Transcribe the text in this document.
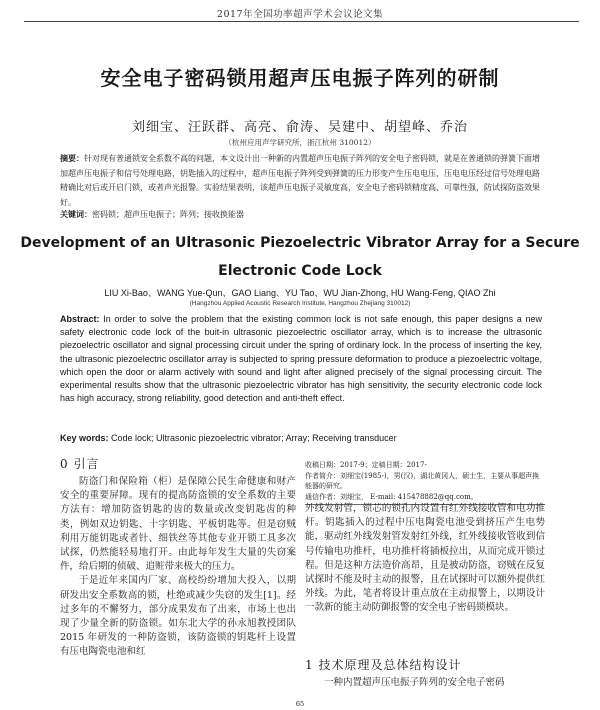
2017年全国功率超声学术会议论文集
安全电子密码锁用超声压电振子阵列的研制
刘细宝、汪跃群、高亮、俞涛、吴建中、胡望峰、乔治
（杭州应用声学研究所，浙江杭州 310012）
摘要：针对现有普通锁安全系数不高的问题，本文设计出一种新的内置超声压电振子阵列的安全电子密码锁，就是在普通锁的弹簧下面增加超声压电振子和信号处理电路，钥匙插入的过程中，超声压电振子阵列受到弹簧的压力形变产生压电电压，压电电压经过信号处理电路精确比对后或开启门锁，或者声光报警。实验结果表明，该超声压电振子灵敏度高，安全电子密码锁精度高、可靠性强，防试探防盗效果好。
关键词：密码锁；超声压电振子；阵列；接收换能器
Development of an Ultrasonic Piezoelectric Vibrator Array for a Secure
Electronic Code Lock
LIU Xi-Bao、WANG Yue-Qun、GAO Liang、YU Tao、WU Jian-Zhong, HU Wang-Feng, QIAO Zhi
(Hangzhou Applied Acoustic Research Institute, Hangzhou Zhejiang 310012)
Abstract: In order to solve the problem that the existing common lock is not safe enough, this paper designs a new safety electronic code lock of the buit-in ultrasonic piezoelectric oscillator array, which is to increase the ultrasonic piezoelectric oscillator and signal processing circuit under the spring of ordinary lock. In the process of inserting the key, the ultrasonic piezoelectric oscillator array is subjected to spring pressure deformation to produce a piezoelectric voltage, which open the door or alarm actively with sound and light after aligned precisely of the signal processing circuit. The experimental results show that the ultrasonic piezoelectric vibrator has high sensitivity, the security electronic code lock has high accuracy, strong reliability, good detection and anti-theft effect.
Key words: Code lock; Ultrasonic piezoelectric vibrator; Array; Receiving transducer
0 引言

防盗门和保险箱（柜）是保障公民生命健康和财产安全的重要屏障。现有的提高防盗锁的安全系数的主要方法有：增加防盗钥匙的齿的数量或改变钥匙齿的种类，例如双边钥匙、十字钥匙、平板钥匙等。但是窃贼利用万能钥匙或者针、细铁丝等其他专业开锁工具多次试探，仍然能轻易地打开。由此每年发生大量的失窃案件，给后期的侦破、追赃带来极大的压力。

于是近年来国内厂家、高校纷纷增加大投入，以期研发出安全系数高的锁，杜绝或减少失窃的发生[1]。经过多年的不懈努力，部分成果发布了出来，市场上也出现了少量全新的防盗锁。如东北大学的孙永旭教授团队 2015 年研发的一种防盗锁，该防盗锁的钥匙杆上设置有压电陶瓷电池和红

收稿日期：2017-9；定稿日期：2017-
作者简介：刘细宝(1985-)，男(汉)，湖北黄冈人，硕士生，主要从事超声换能器的研究。
通信作者：刘细宝， E-mail: 415478882@qq.com。
外线发射管，锁芯的锁孔内设置有红外线接收管和电功推杆。钥匙插入的过程中压电陶瓷电池受到挤压产生电势能，驱动红外线发射管发射红外线，红外线接收管收到信号传输电功推杆，电功推杆将插板拉出，从而完成开锁过程。但是这种方法造价高昂，且是被动防盗，窃贼在反复试探时不能及时主动的报警，且在试探时可以额外提供红外线。为此，笔者将设计重点放在主动报警上，以期设计一款新的能主动防御报警的安全电子密码锁模块。
1 技术原理及总体结构设计
一种内置超声压电振子阵列的安全电子密码
65
